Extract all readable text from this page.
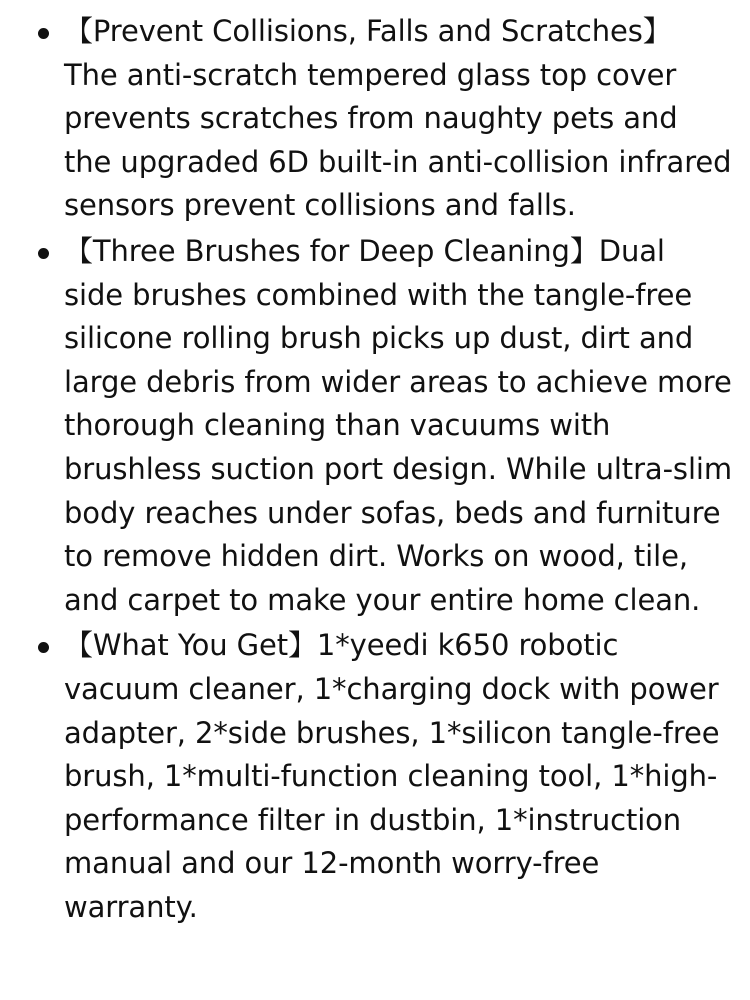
【Prevent Collisions, Falls and Scratches】
The anti-scratch tempered glass top cover prevents scratches from naughty pets and the upgraded 6D built-in anti-collision infrared sensors prevent collisions and falls.
【Three Brushes for Deep Cleaning】Dual side brushes combined with the tangle-free silicone rolling brush picks up dust, dirt and large debris from wider areas to achieve more thorough cleaning than vacuums with brushless suction port design. While ultra-slim body reaches under sofas, beds and furniture to remove hidden dirt. Works on wood, tile, and carpet to make your entire home clean.
【What You Get】1*yeedi k650 robotic vacuum cleaner, 1*charging dock with power adapter, 2*side brushes, 1*silicon tangle-free brush, 1*multi-function cleaning tool, 1*high-performance filter in dustbin, 1*instruction manual and our 12-month worry-free warranty.
